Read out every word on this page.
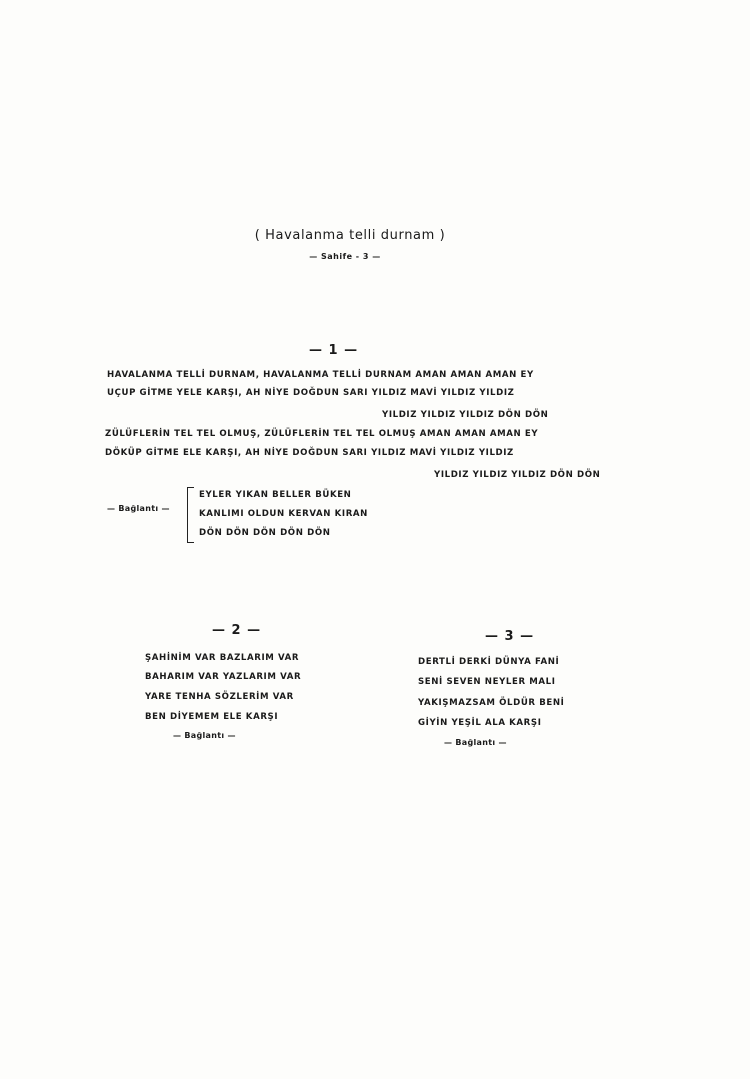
( Havalanma telli durnam )
— Sahife - 3 —
— 1 —
HAVALANMA TELLİ DURNAM, HAVALANMA TELLİ DURNAM AMAN AMAN AMAN EY
UÇUP GİTME YELE KARŞI, AH NİYE DOĞDUN SARI YILDIZ MAVİ YILDIZ YILDIZ
YILDIZ YILDIZ YILDIZ DÖN DÖN
ZÜLÜFLERİN TEL TEL OLMUŞ, ZÜLÜFLERİN TEL TEL OLMUŞ AMAN AMAN AMAN EY
DÖKÜP GİTME ELE KARŞI, AH NİYE DOĞDUN SARI YILDIZ MAVİ YILDIZ YILDIZ
YILDIZ YILDIZ YILDIZ DÖN DÖN
— Bağlantı —
EYLER YIKAN BELLER BÜKEN
KANLIMI OLDUN KERVAN KIRAN
DÖN DÖN DÖN DÖN DÖN
— 2 —
ŞAHİNİM VAR BAZLARIM VAR
BAHARIM VAR YAZLARIM VAR
YARE TENHA SÖZLERİM VAR
BEN DİYEMEM ELE KARŞI
— Bağlantı —
— 3 —
DERTLİ DERKİ DÜNYA FANİ
SENİ SEVEN NEYLER MALI
YAKIŞMAZSAM ÖLDÜR BENİ
GİYİN YEŞİL ALA KARŞI
— Bağlantı —
